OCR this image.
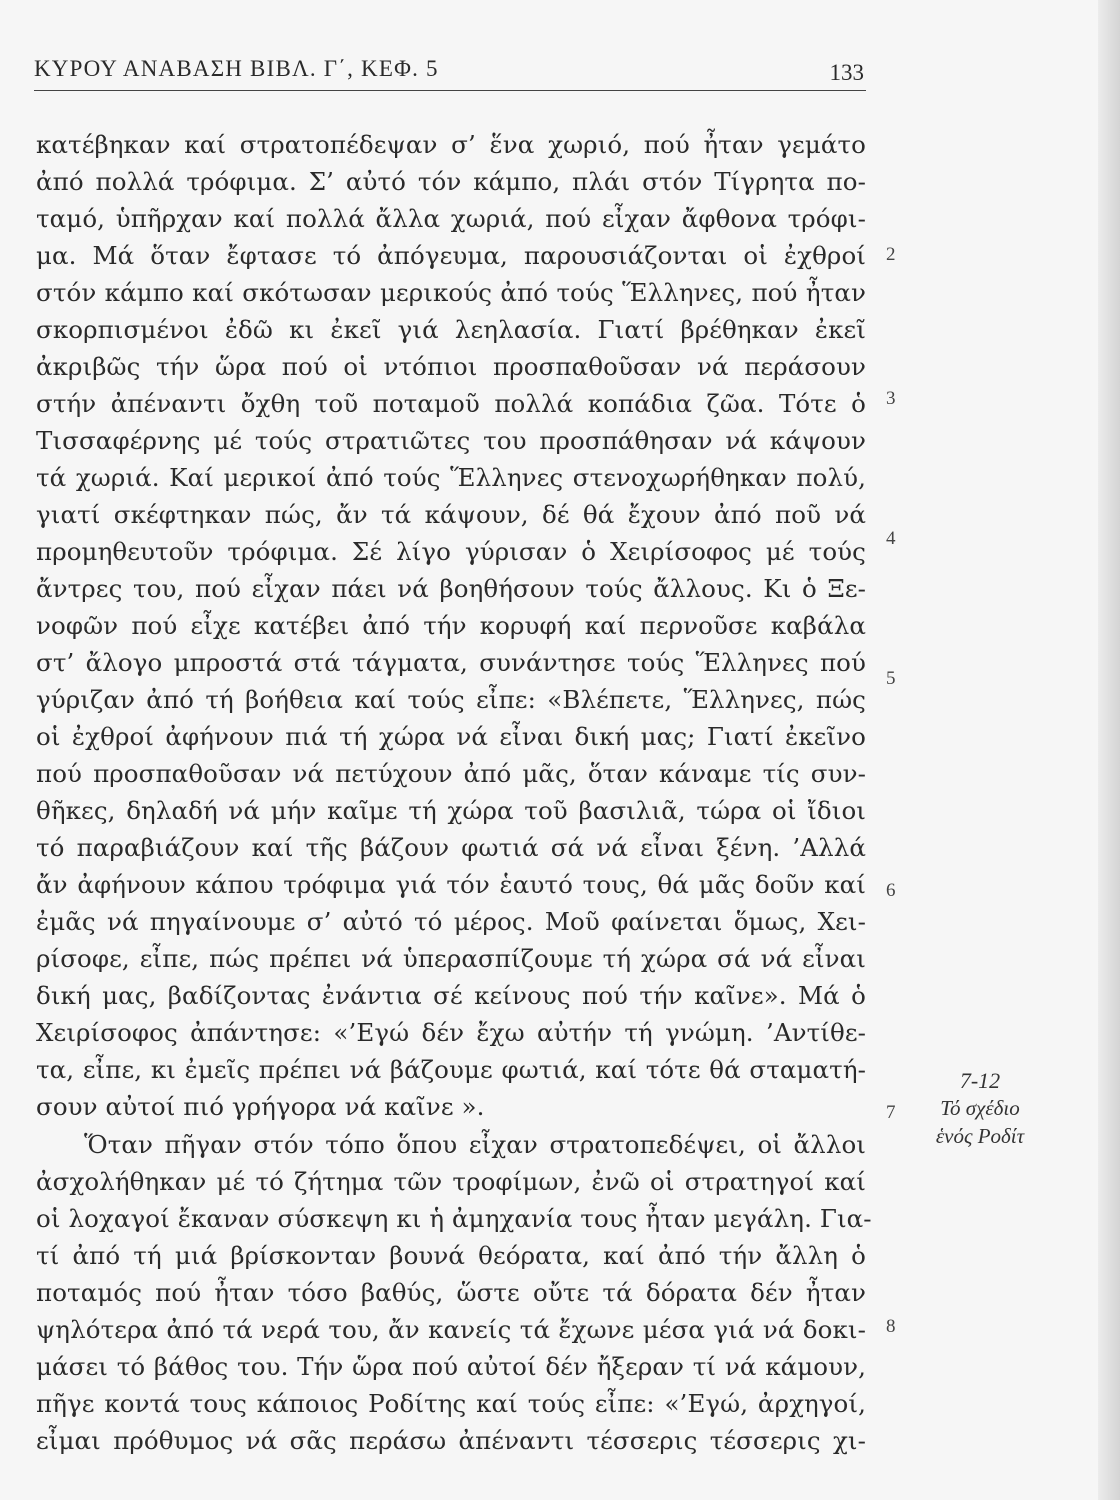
ΚΥΡΟΥ ΑΝΑΒΑΣΗ ΒΙΒΛ. Γ΄, ΚΕΦ. 5	133
κατέβηκαν καί στρατοπέδεψαν σ’ ἕνα χωριό, πού ἦταν γεμάτο
ἀπό πολλά τρόφιμα. Σ’ αὐτό τόν κάμπο, πλάι στόν Τίγρητα πο-
ταμό, ὑπῆρχαν καί πολλά ἄλλα χωριά, πού εἶχαν ἄφθονα τρόφι-
μα. Μά ὅταν ἔφτασε τό ἀπόγευμα, παρουσιάζονται οἱ ἐχθροί
στόν κάμπο καί σκότωσαν μερικούς ἀπό τούς Ἕλληνες, πού ἦταν
σκορπισμένοι ἐδῶ κι ἐκεῖ γιά λεηλασία. Γιατί βρέθηκαν ἐκεῖ
ἀκριβῶς τήν ὥρα πού οἱ ντόπιοι προσπαθοῦσαν νά περάσουν
στήν ἀπέναντι ὄχθη τοῦ ποταμοῦ πολλά κοπάδια ζῶα. Τότε ὁ
Τισσαφέρνης μέ τούς στρατιῶτες του προσπάθησαν νά κάψουν
τά χωριά. Καί μερικοί ἀπό τούς Ἕλληνες στενοχωρήθηκαν πολύ,
γιατί σκέφτηκαν πώς, ἄν τά κάψουν, δέ θά ἔχουν ἀπό ποῦ νά
προμηθευτοῦν τρόφιμα. Σέ λίγο γύρισαν ὁ Χειρίσοφος μέ τούς
ἄντρες του, πού εἶχαν πάει νά βοηθήσουν τούς ἄλλους. Κι ὁ Ξε-
νοφῶν πού εἶχε κατέβει ἀπό τήν κορυφή καί περνοῦσε καβάλα
στ’ ἄλογο μπροστά στά τάγματα, συνάντησε τούς Ἕλληνες πού
γύριζαν ἀπό τή βοήθεια καί τούς εἶπε: «Βλέπετε, Ἕλληνες, πώς
οἱ ἐχθροί ἀφήνουν πιά τή χώρα νά εἶναι δική μας; Γιατί ἐκεῖνο
πού προσπαθοῦσαν νά πετύχουν ἀπό μᾶς, ὅταν κάναμε τίς συν-
θῆκες, δηλαδή νά μήν καῖμε τή χώρα τοῦ βασιλιᾶ, τώρα οἱ ἴδιοι
τό παραβιάζουν καί τῆς βάζουν φωτιά σά νά εἶναι ξένη. ’Αλλά
ἄν ἀφήνουν κάπου τρόφιμα γιά τόν ἑαυτό τους, θά μᾶς δοῦν καί
ἐμᾶς νά πηγαίνουμε σ’ αὐτό τό μέρος. Μοῦ φαίνεται ὅμως, Χει-
ρίσοφε, εἶπε, πώς πρέπει νά ὑπερασπίζουμε τή χώρα σά νά εἶναι
δική μας, βαδίζοντας ἐνάντια σέ κείνους πού τήν καῖνε». Μά ὁ
Χειρίσοφος ἀπάντησε: «’Εγώ δέν ἔχω αὐτήν τή γνώμη. ’Αντίθε-
τα, εἶπε, κι ἐμεῖς πρέπει νά βάζουμε φωτιά, καί τότε θά σταματή-
σουν αὐτοί πιό γρήγορα νά καῖνε ».
Ὅταν πῆγαν στόν τόπο ὅπου εἶχαν στρατοπεδέψει, οἱ ἄλλοι
ἀσχολήθηκαν μέ τό ζήτημα τῶν τροφίμων, ἐνῶ οἱ στρατηγοί καί
οἱ λοχαγοί ἔκαναν σύσκεψη κι ἡ ἀμηχανία τους ἦταν μεγάλη. Για-
τί ἀπό τή μιά βρίσκονταν βουνά θεόρατα, καί ἀπό τήν ἄλλη ὁ
ποταμός πού ἦταν τόσο βαθύς, ὥστε οὔτε τά δόρατα δέν ἦταν
ψηλότερα ἀπό τά νερά του, ἄν κανείς τά ἔχωνε μέσα γιά νά δοκι-
μάσει τό βάθος του. Τήν ὥρα πού αὐτοί δέν ἤξεραν τί νά κάμουν,
πῆγε κοντά τους κάποιος Ροδίτης καί τούς εἶπε: «’Εγώ, ἀρχηγοί,
εἶμαι πρόθυμος νά σᾶς περάσω ἀπέναντι τέσσερις τέσσερις χι-
2
3
4
5
6
7
8
7-12
Τό σχέδιο
ἑνός Ροδίτ
